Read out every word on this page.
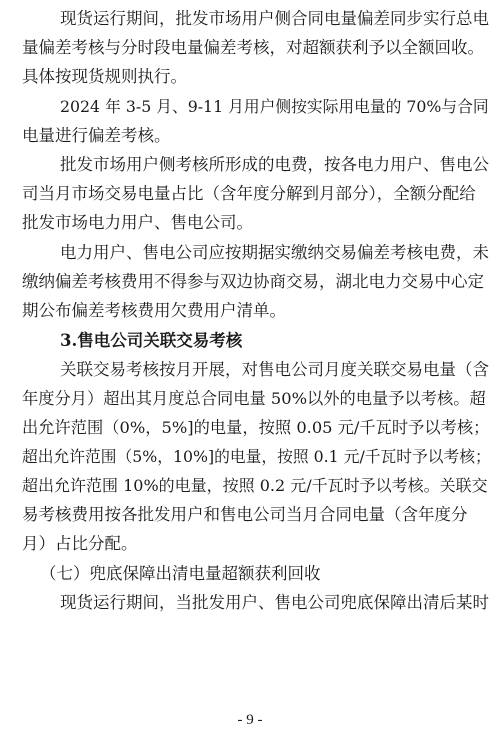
现货运行期间，批发市场用户侧合同电量偏差同步实行总电
量偏差考核与分时段电量偏差考核，对超额获利予以全额回收。
具体按现货规则执行。
2024 年 3-5 月、9-11 月用户侧按实际用电量的 70%与合同
电量进行偏差考核。
批发市场用户侧考核所形成的电费，按各电力用户、售电公
司当月市场交易电量占比（含年度分解到月部分），全额分配给
批发市场电力用户、售电公司。
电力用户、售电公司应按期据实缴纳交易偏差考核电费，未
缴纳偏差考核费用不得参与双边协商交易，湖北电力交易中心定
期公布偏差考核费用欠费用户清单。
3.售电公司关联交易考核
关联交易考核按月开展，对售电公司月度关联交易电量（含
年度分月）超出其月度总合同电量 50%以外的电量予以考核。超
出允许范围（0%，5%]的电量，按照 0.05 元/千瓦时予以考核；
超出允许范围（5%，10%]的电量，按照 0.1 元/千瓦时予以考核；
超出允许范围 10%的电量，按照 0.2 元/千瓦时予以考核。关联交
易考核费用按各批发用户和售电公司当月合同电量（含年度分
月）占比分配。
（七）兜底保障出清电量超额获利回收
现货运行期间，当批发用户、售电公司兜底保障出清后某时
- 9 -
